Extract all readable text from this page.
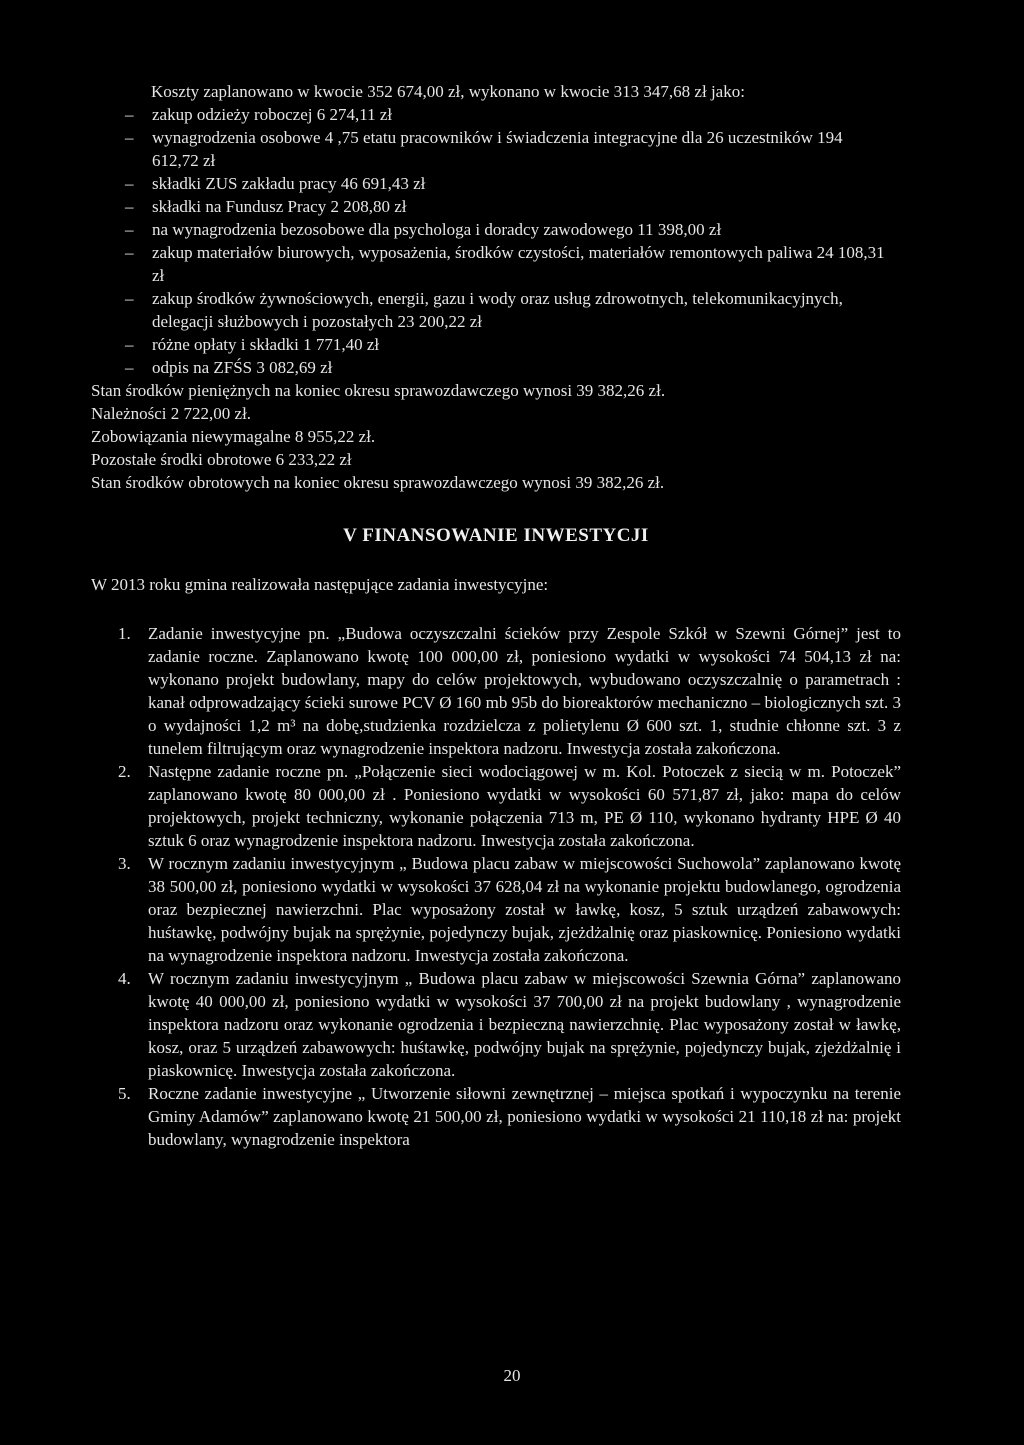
Koszty zaplanowano w kwocie 352 674,00 zł, wykonano w kwocie 313 347,68 zł jako:

– zakup odzieży roboczej 6 274,11 zł
– wynagrodzenia osobowe 4 ,75 etatu pracowników i świadczenia integracyjne dla 26 uczestników 194 612,72 zł
– składki ZUS zakładu pracy 46 691,43 zł
– składki na Fundusz Pracy 2 208,80 zł
– na wynagrodzenia bezosobowe dla psychologa i doradcy zawodowego 11 398,00 zł
– zakup materiałów biurowych, wyposażenia, środków czystości, materiałów remontowych paliwa 24 108,31 zł
– zakup środków żywnościowych, energii, gazu i wody oraz usług zdrowotnych, telekomunikacyjnych, delegacji służbowych i pozostałych 23 200,22 zł
– różne opłaty i składki 1 771,40 zł
– odpis na ZFŚS 3 082,69 zł

Stan środków pieniężnych na koniec okresu sprawozdawczego wynosi 39 382,26 zł.

Należności 2 722,00 zł.

Zobowiązania niewymagalne 8 955,22 zł.

Pozostałe środki obrotowe 6 233,22 zł

Stan środków obrotowych na koniec okresu sprawozdawczego wynosi 39 382,26 zł.

V FINANSOWANIE INWESTYCJI

W 2013 roku gmina realizowała następujące zadania inwestycyjne:

1. Zadanie inwestycyjne pn. „Budowa oczyszczalni ścieków przy Zespole Szkół w Szewni Górnej” jest to zadanie roczne. Zaplanowano kwotę 100 000,00 zł, poniesiono wydatki w wysokości 74 504,13 zł na: wykonano projekt budowlany, mapy do celów projektowych, wybudowano oczyszczalnię o parametrach : kanał odprowadzający ścieki surowe PCV Ø 160 mb 95b do bioreaktorów mechaniczno – biologicznych szt. 3 o wydajności 1,2 m³ na dobę,studzienka rozdzielcza z polietylenu Ø 600 szt. 1, studnie chłonne szt. 3 z tunelem filtrującym oraz wynagrodzenie inspektora nadzoru. Inwestycja została zakończona.
2. Następne zadanie roczne pn. „Połączenie sieci wodociągowej w m. Kol. Potoczek z siecią w m. Potoczek” zaplanowano kwotę 80 000,00 zł . Poniesiono wydatki w wysokości 60 571,87 zł, jako: mapa do celów projektowych, projekt techniczny, wykonanie połączenia 713 m, PE Ø 110, wykonano hydranty HPE Ø 40 sztuk 6 oraz wynagrodzenie inspektora nadzoru. Inwestycja została zakończona.
3. W rocznym zadaniu inwestycyjnym „ Budowa placu zabaw w miejscowości Suchowola” zaplanowano kwotę 38 500,00 zł, poniesiono wydatki w wysokości 37 628,04 zł na wykonanie projektu budowlanego, ogrodzenia oraz bezpiecznej nawierzchni. Plac wyposażony został w ławkę, kosz, 5 sztuk urządzeń zabawowych: huśtawkę, podwójny bujak na sprężynie, pojedynczy bujak, zjeżdżalnię oraz piaskownicę. Poniesiono wydatki na wynagrodzenie inspektora nadzoru. Inwestycja została zakończona.
4. W rocznym zadaniu inwestycyjnym „ Budowa placu zabaw w miejscowości Szewnia Górna” zaplanowano kwotę 40 000,00 zł, poniesiono wydatki w wysokości 37 700,00 zł na projekt budowlany , wynagrodzenie inspektora nadzoru oraz wykonanie ogrodzenia i bezpieczną nawierzchnię. Plac wyposażony został w ławkę, kosz, oraz 5 urządzeń zabawowych: huśtawkę, podwójny bujak na sprężynie, pojedynczy bujak, zjeżdżalnię i piaskownicę. Inwestycja została zakończona.
5. Roczne zadanie inwestycyjne „ Utworzenie siłowni zewnętrznej – miejsca spotkań i wypoczynku na terenie Gminy Adamów” zaplanowano kwotę 21 500,00 zł, poniesiono wydatki w wysokości 21 110,18 zł na: projekt budowlany, wynagrodzenie inspektora
20
